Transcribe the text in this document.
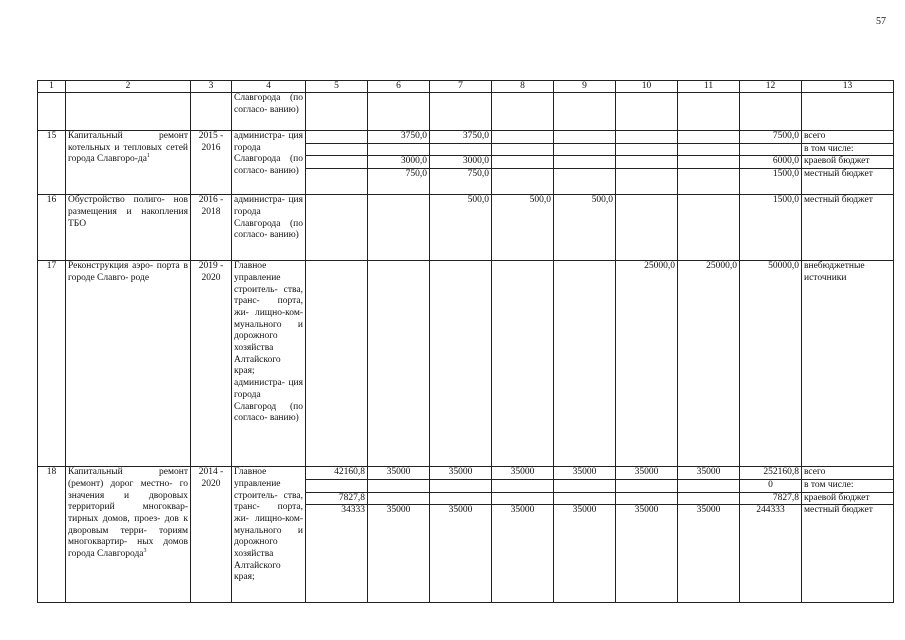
57
1	2	3	4	5	6	7	8	9	10	11	12	13
			Славгорода (по согласо- ванию)									
15	Капитальный ремонт котельных и тепловых сетей города Славгоро-$да^1$	2015 - 2016	администра- ция города Славгорода (по согласо- ванию)		3750,0	3750,0					7500,0	всего
												в том числе:
					3000,0	3000,0					6000,0	краевой бюджет
					750,0	750,0					1500,0	местный бюджет
16	Обустройство полиго- нов размещения и накопления ТБО	2016 - 2018	администра- ция города Славгорода (по согласо- ванию)			500,0	500,0	500,0			1500,0	местный бюджет
17	Реконструкция аэро- порта в городе Славго- роде	2019 - 2020	Главное управление строитель- ства, транс- порта, жи- лищно-ком- мунального и дорожного хозяйства Алтайского края; администра- ция города Славгород (по согласо- ванию)						25000,0	25000,0	50000,0	внебюджетные источники
18	Капитальный ремонт (ремонт) дорог местно- го значения и дворовых территорий многоквар- тирных домов, проез- дов к дворовым терри- ториям многоквартир- ных домов города Славгорода$^3$	2014 - 2020	Главное управление строитель- ства, транс- порта, жи- лищно-ком- мунального и дорожного хозяйства Алтайского края;	42160,8	35000	35000	35000	35000	35000	35000	252160,8	всего
											0	в том числе:
				7827,8							7827,8	краевой бюджет
				34333	35000	35000	35000	35000	35000	35000	244333	местный бюджет
